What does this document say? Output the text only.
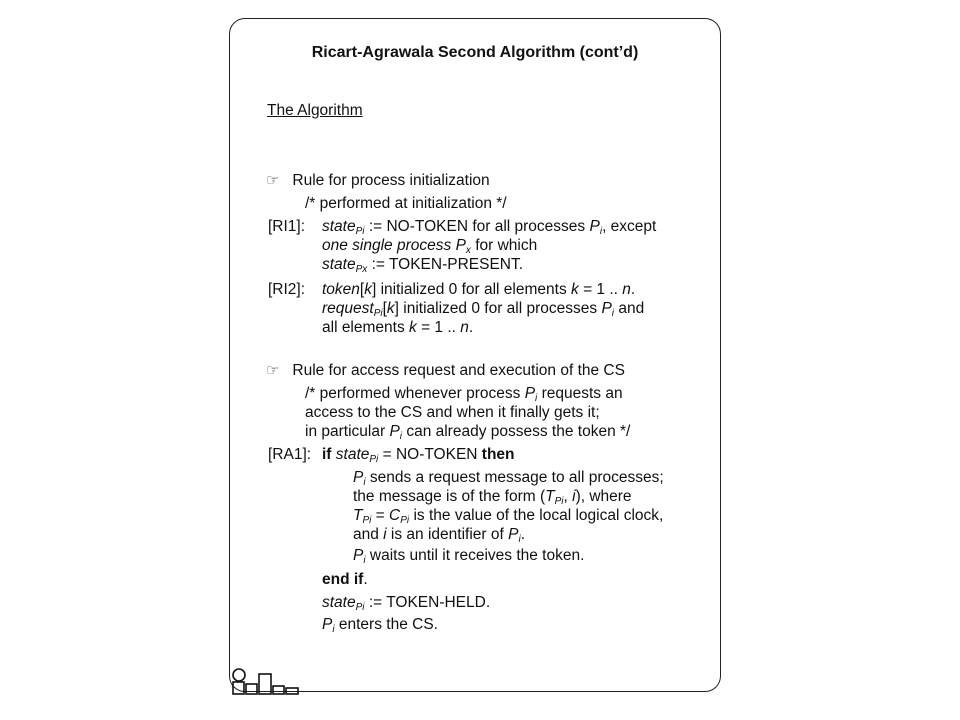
Ricart-Agrawala Second Algorithm (cont’d)
The Algorithm
☞ Rule for process initialization
/* performed at initialization */
[RI1]: state$_{Pi}$ := NO-TOKEN for all processes $P_i$, except
one single process $P_x$ for which
state$_{Px}$ := TOKEN-PRESENT.
[RI2]: token[k] initialized 0 for all elements k = 1 .. n.
request$_{Pi}$[k] initialized 0 for all processes $P_i$ and
all elements k = 1 .. n.
☞ Rule for access request and execution of the CS
/* performed whenever process $P_i$ requests an
access to the CS and when it finally gets it;
in particular $P_i$ can already possess the token */
[RA1]: if state$_{Pi}$ = NO-TOKEN then
$P_i$ sends a request message to all processes;
the message is of the form ($T_{Pi}$, i), where
$T_{Pi} = C_{Pi}$ is the value of the local logical clock,
and i is an identifier of $P_i$.
$P_i$ waits until it receives the token.
end if.
state$_{Pi}$ := TOKEN-HELD.
$P_i$ enters the CS.
